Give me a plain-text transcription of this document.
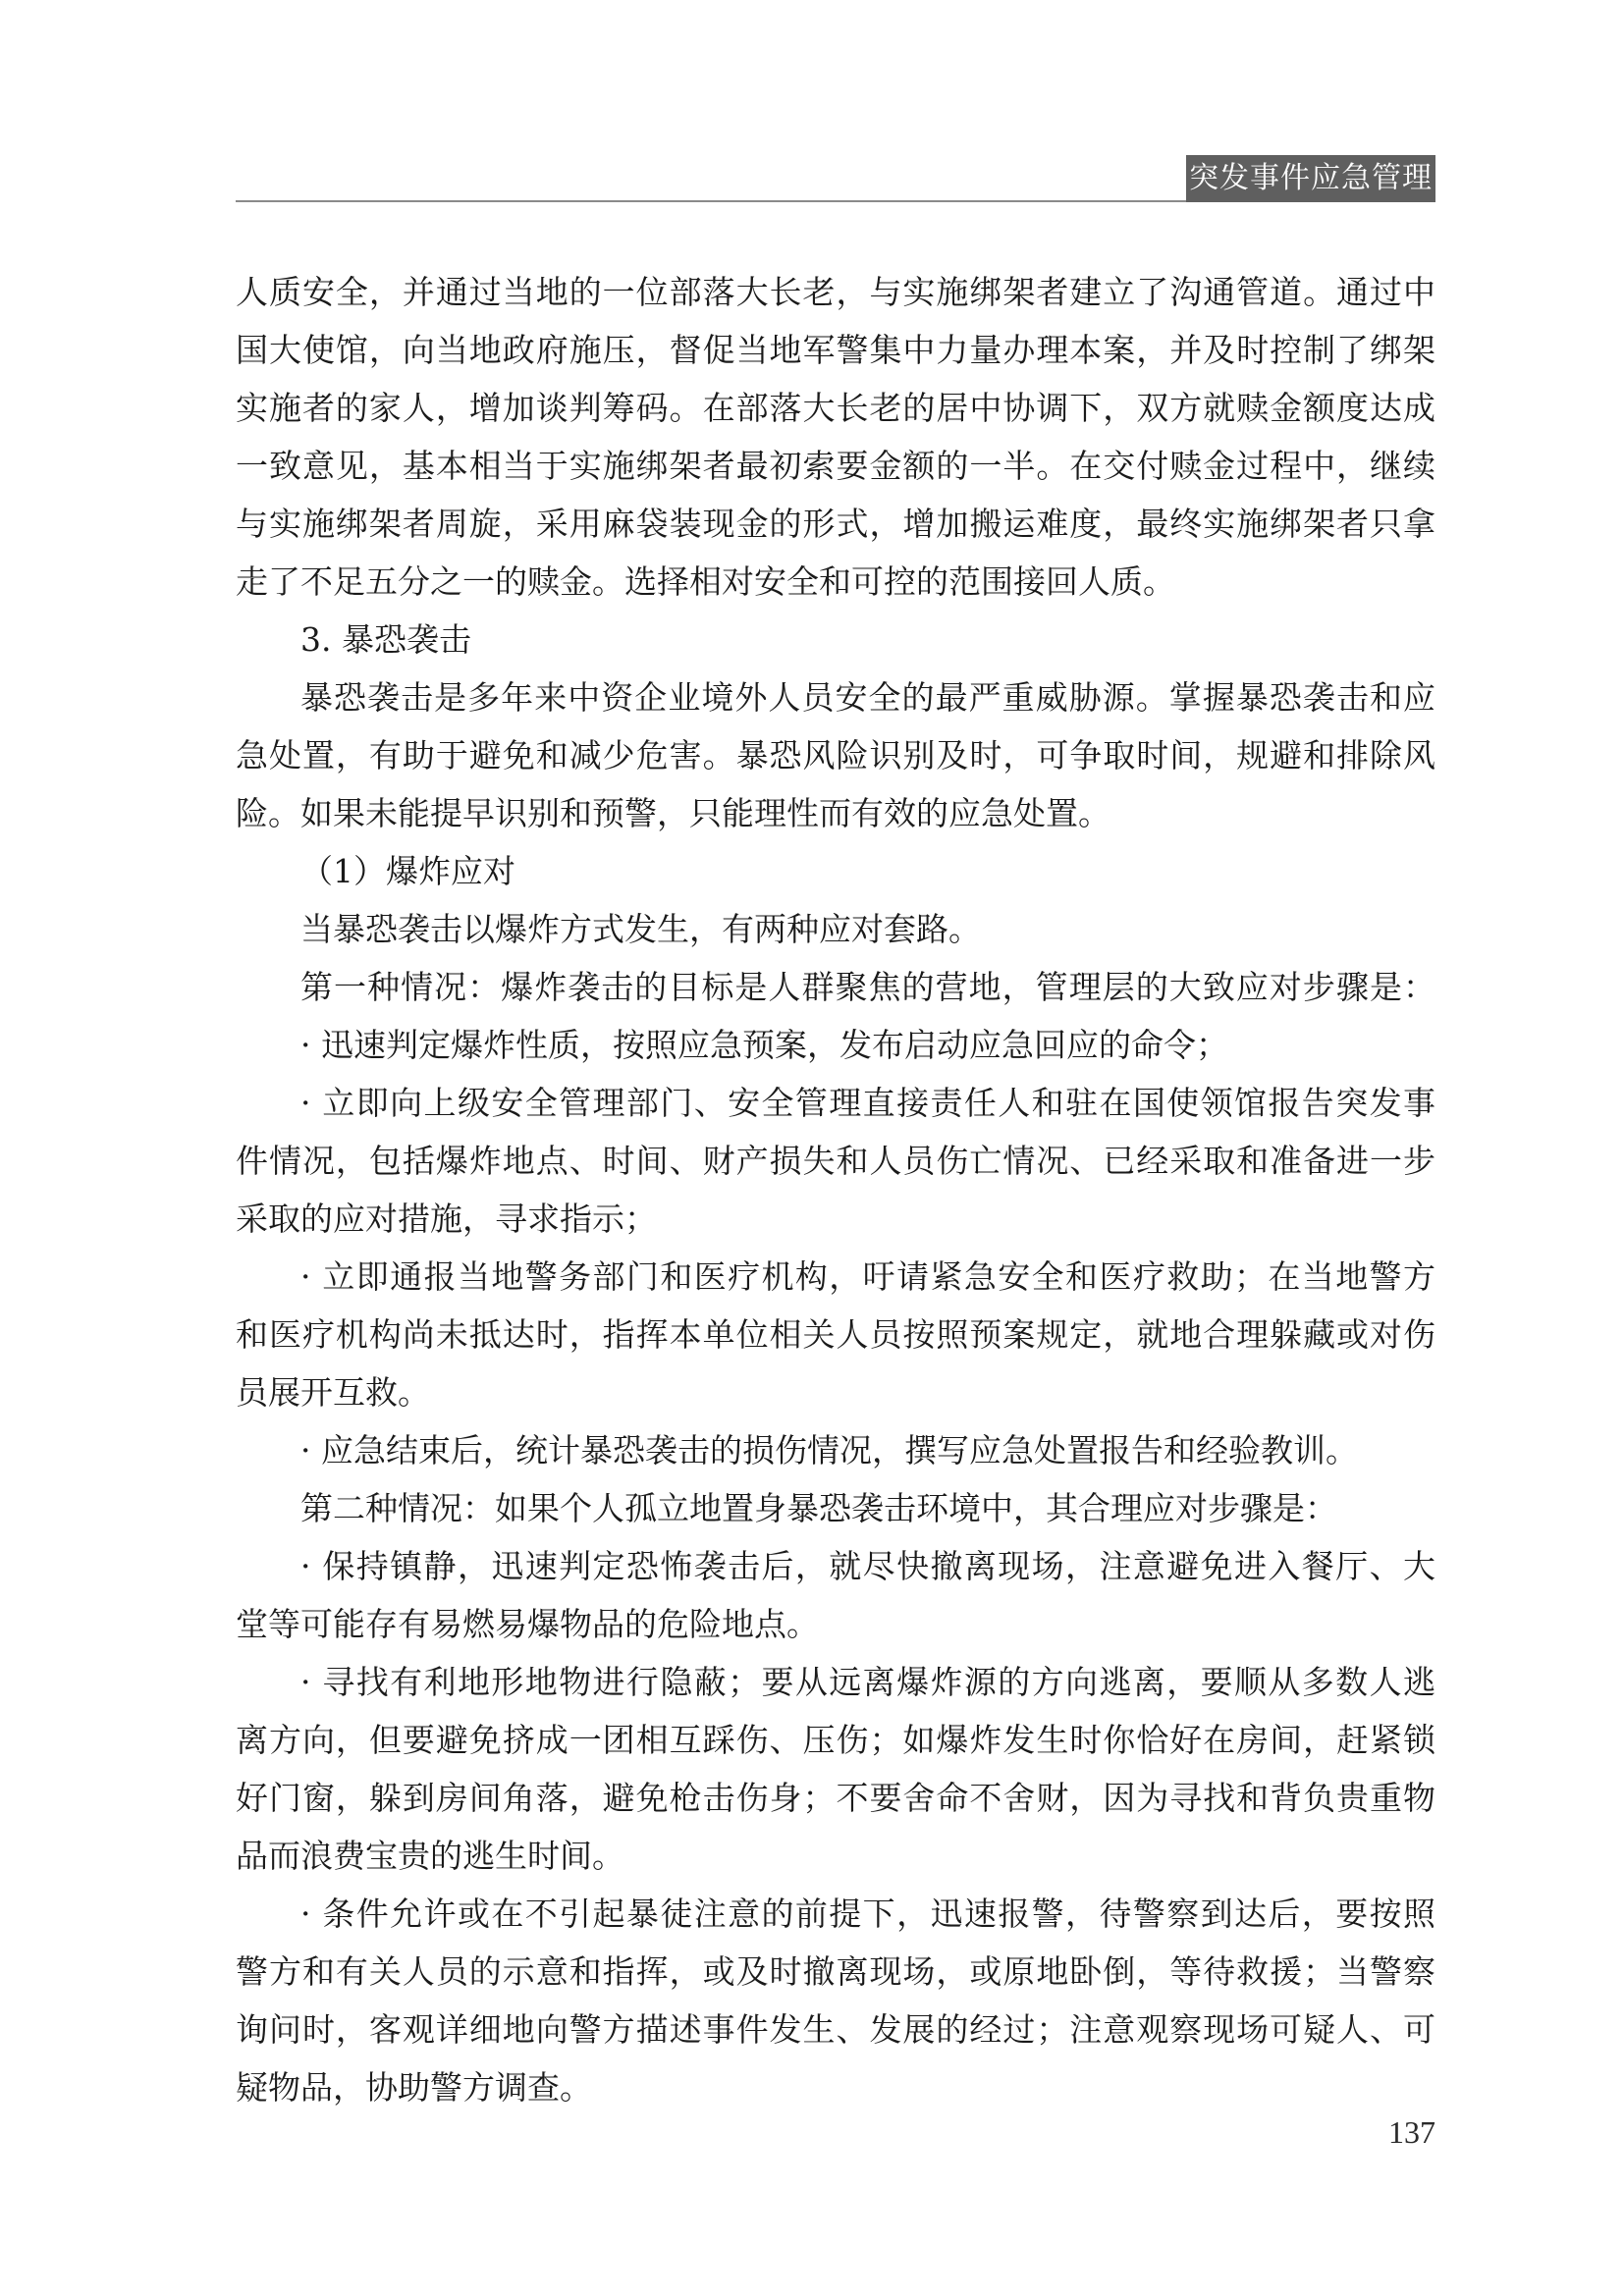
突发事件应急管理
人质安全，并通过当地的一位部落大长老，与实施绑架者建立了沟通管道。通过中
国大使馆，向当地政府施压，督促当地军警集中力量办理本案，并及时控制了绑架
实施者的家人，增加谈判筹码。在部落大长老的居中协调下，双方就赎金额度达成
一致意见，基本相当于实施绑架者最初索要金额的一半。在交付赎金过程中，继续
与实施绑架者周旋，采用麻袋装现金的形式，增加搬运难度，最终实施绑架者只拿
走了不足五分之一的赎金。选择相对安全和可控的范围接回人质。
3. 暴恐袭击
暴恐袭击是多年来中资企业境外人员安全的最严重威胁源。掌握暴恐袭击和应
急处置，有助于避免和减少危害。暴恐风险识别及时，可争取时间，规避和排除风
险。如果未能提早识别和预警，只能理性而有效的应急处置。
（1）爆炸应对
当暴恐袭击以爆炸方式发生，有两种应对套路。
第一种情况：爆炸袭击的目标是人群聚焦的营地，管理层的大致应对步骤是：
· 迅速判定爆炸性质，按照应急预案，发布启动应急回应的命令；
· 立即向上级安全管理部门、安全管理直接责任人和驻在国使领馆报告突发事
件情况，包括爆炸地点、时间、财产损失和人员伤亡情况、已经采取和准备进一步
采取的应对措施，寻求指示；
· 立即通报当地警务部门和医疗机构，吁请紧急安全和医疗救助；在当地警方
和医疗机构尚未抵达时，指挥本单位相关人员按照预案规定，就地合理躲藏或对伤
员展开互救。
· 应急结束后，统计暴恐袭击的损伤情况，撰写应急处置报告和经验教训。
第二种情况：如果个人孤立地置身暴恐袭击环境中，其合理应对步骤是：
· 保持镇静，迅速判定恐怖袭击后，就尽快撤离现场，注意避免进入餐厅、大
堂等可能存有易燃易爆物品的危险地点。
· 寻找有利地形地物进行隐蔽；要从远离爆炸源的方向逃离，要顺从多数人逃
离方向，但要避免挤成一团相互踩伤、压伤；如爆炸发生时你恰好在房间，赶紧锁
好门窗，躲到房间角落，避免枪击伤身；不要舍命不舍财，因为寻找和背负贵重物
品而浪费宝贵的逃生时间。
· 条件允许或在不引起暴徒注意的前提下，迅速报警，待警察到达后，要按照
警方和有关人员的示意和指挥，或及时撤离现场，或原地卧倒，等待救援；当警察
询问时，客观详细地向警方描述事件发生、发展的经过；注意观察现场可疑人、可
疑物品，协助警方调查。
137
